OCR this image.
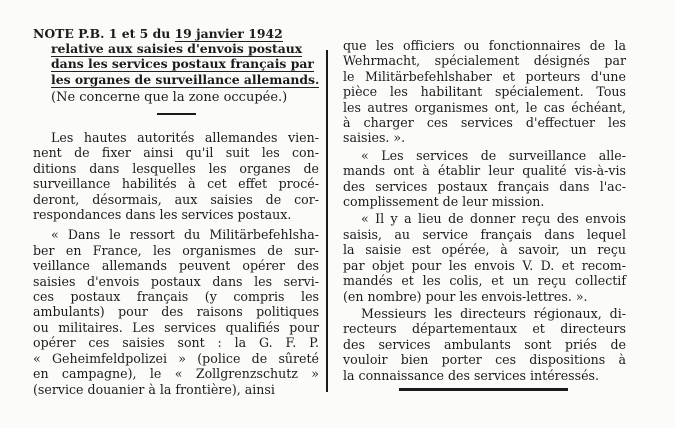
NOTE P.B. 1 et 5 du 19 janvier 1942
relative aux saisies d'envois postaux
dans les services postaux français par
les organes de surveillance allemands.
(Ne concerne que la zone occupée.)
Les hautes autorités allemandes vien-
nent de fixer ainsi qu'il suit les con-
ditions dans lesquelles les organes de
surveillance habilités à cet effet procé-
deront, désormais, aux saisies de cor-
respondances dans les services postaux.
« Dans le ressort du Militärbefehlsha-
ber en France, les organismes de sur-
veillance allemands peuvent opérer des
saisies d'envois postaux dans les servi-
ces postaux français (y compris les
ambulants) pour des raisons politiques
ou militaires. Les services qualifiés pour
opérer ces saisies sont : la G. F. P.
« Geheimfeldpolizei » (police de sûreté
en campagne), le « Zollgrenzschutz »
(service douanier à la frontière), ainsi
que les officiers ou fonctionnaires de la
Wehrmacht, spécialement désignés par
le Militärbefehlshaber et porteurs d'une
pièce les habilitant spécialement. Tous
les autres organismes ont, le cas échéant,
à charger ces services d'effectuer les
saisies. ».
« Les services de surveillance alle-
mands ont à établir leur qualité vis-à-vis
des services postaux français dans l'ac-
complissement de leur mission.
« Il y a lieu de donner reçu des envois
saisis, au service français dans lequel
la saisie est opérée, à savoir, un reçu
par objet pour les envois V. D. et recom-
mandés et les colis, et un reçu collectif
(en nombre) pour les envois-lettres. ».
Messieurs les directeurs régionaux, di-
recteurs départementaux et directeurs
des services ambulants sont priés de
vouloir bien porter ces dispositions à
la connaissance des services intéressés.
